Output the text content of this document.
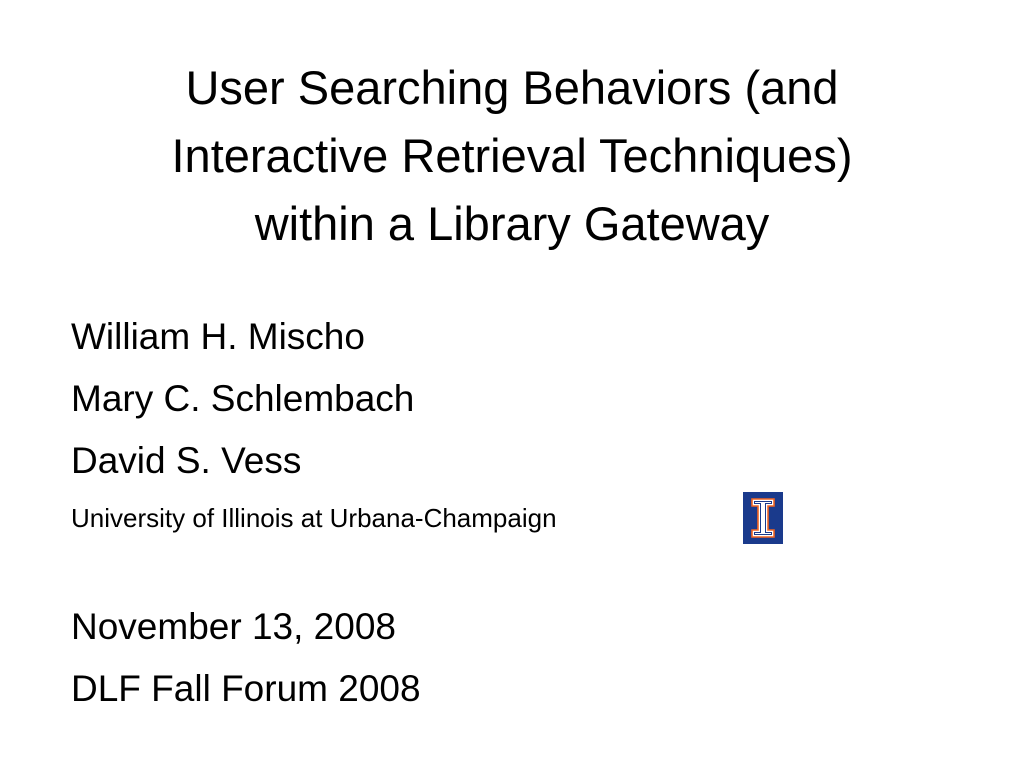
User Searching Behaviors (and
Interactive Retrieval Techniques)
within a Library Gateway
William H. Mischo
Mary C. Schlembach
David S. Vess
University of Illinois at Urbana-Champaign
November 13, 2008
DLF Fall Forum 2008
